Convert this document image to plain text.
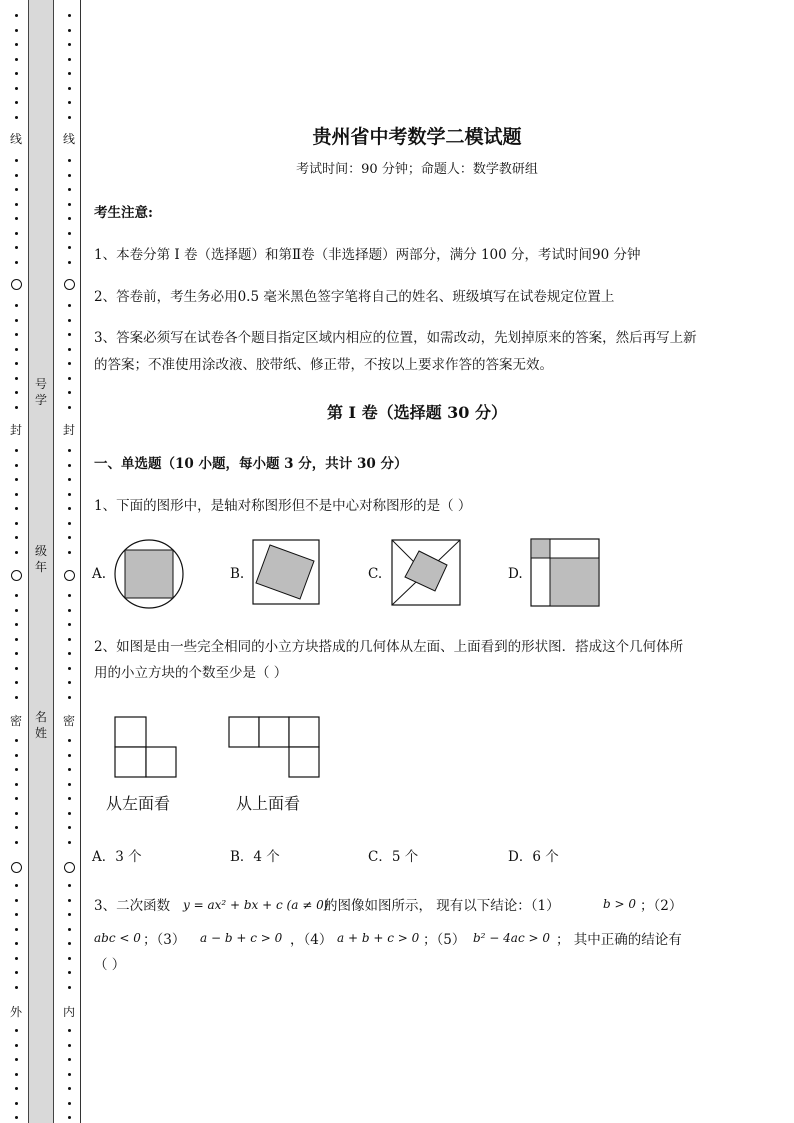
线
封
密
外
线
封
密
内
号
学
级
年
名
姓
贵州省中考数学二模试题
考试时间：90 分钟；命题人：数学教研组
考生注意:
1、本卷分第 I 卷（选择题）和第Ⅱ卷（非选择题）两部分，满分 100 分，考试时间90 分钟
2、答卷前，考生务必用0.5 毫米黑色签字笔将自己的姓名、班级填写在试卷规定位置上
3、答案必须写在试卷各个题目指定区域内相应的位置，如需改动，先划掉原来的答案，然后再写上新
的答案；不准使用涂改液、胶带纸、修正带，不按以上要求作答的答案无效。
第 I 卷（选择题 30 分）
一、单选题（10 小题，每小题 3 分，共计 30 分）
1、下面的图形中，是轴对称图形但不是中心对称图形的是（ ）
A.	B.	C.	D.
2、如图是由一些完全相同的小立方块搭成的几何体从左面、上面看到的形状图．搭成这个几何体所
用的小立方块的个数至少是（ ）
从左面看	从上面看
A．3 个	B．4 个	C．5 个	D．6 个
3、二次函数 y = ax² + bx + c (a ≠ 0)
的图像如图所示， 现有以下结论：（1）	b > 0 ；（2）
abc < 0 ；（3） a − b + c > 0 ，（4） a + b + c > 0 ；（5） b² − 4ac > 0 ； 其中正确的结论有
（ ）
